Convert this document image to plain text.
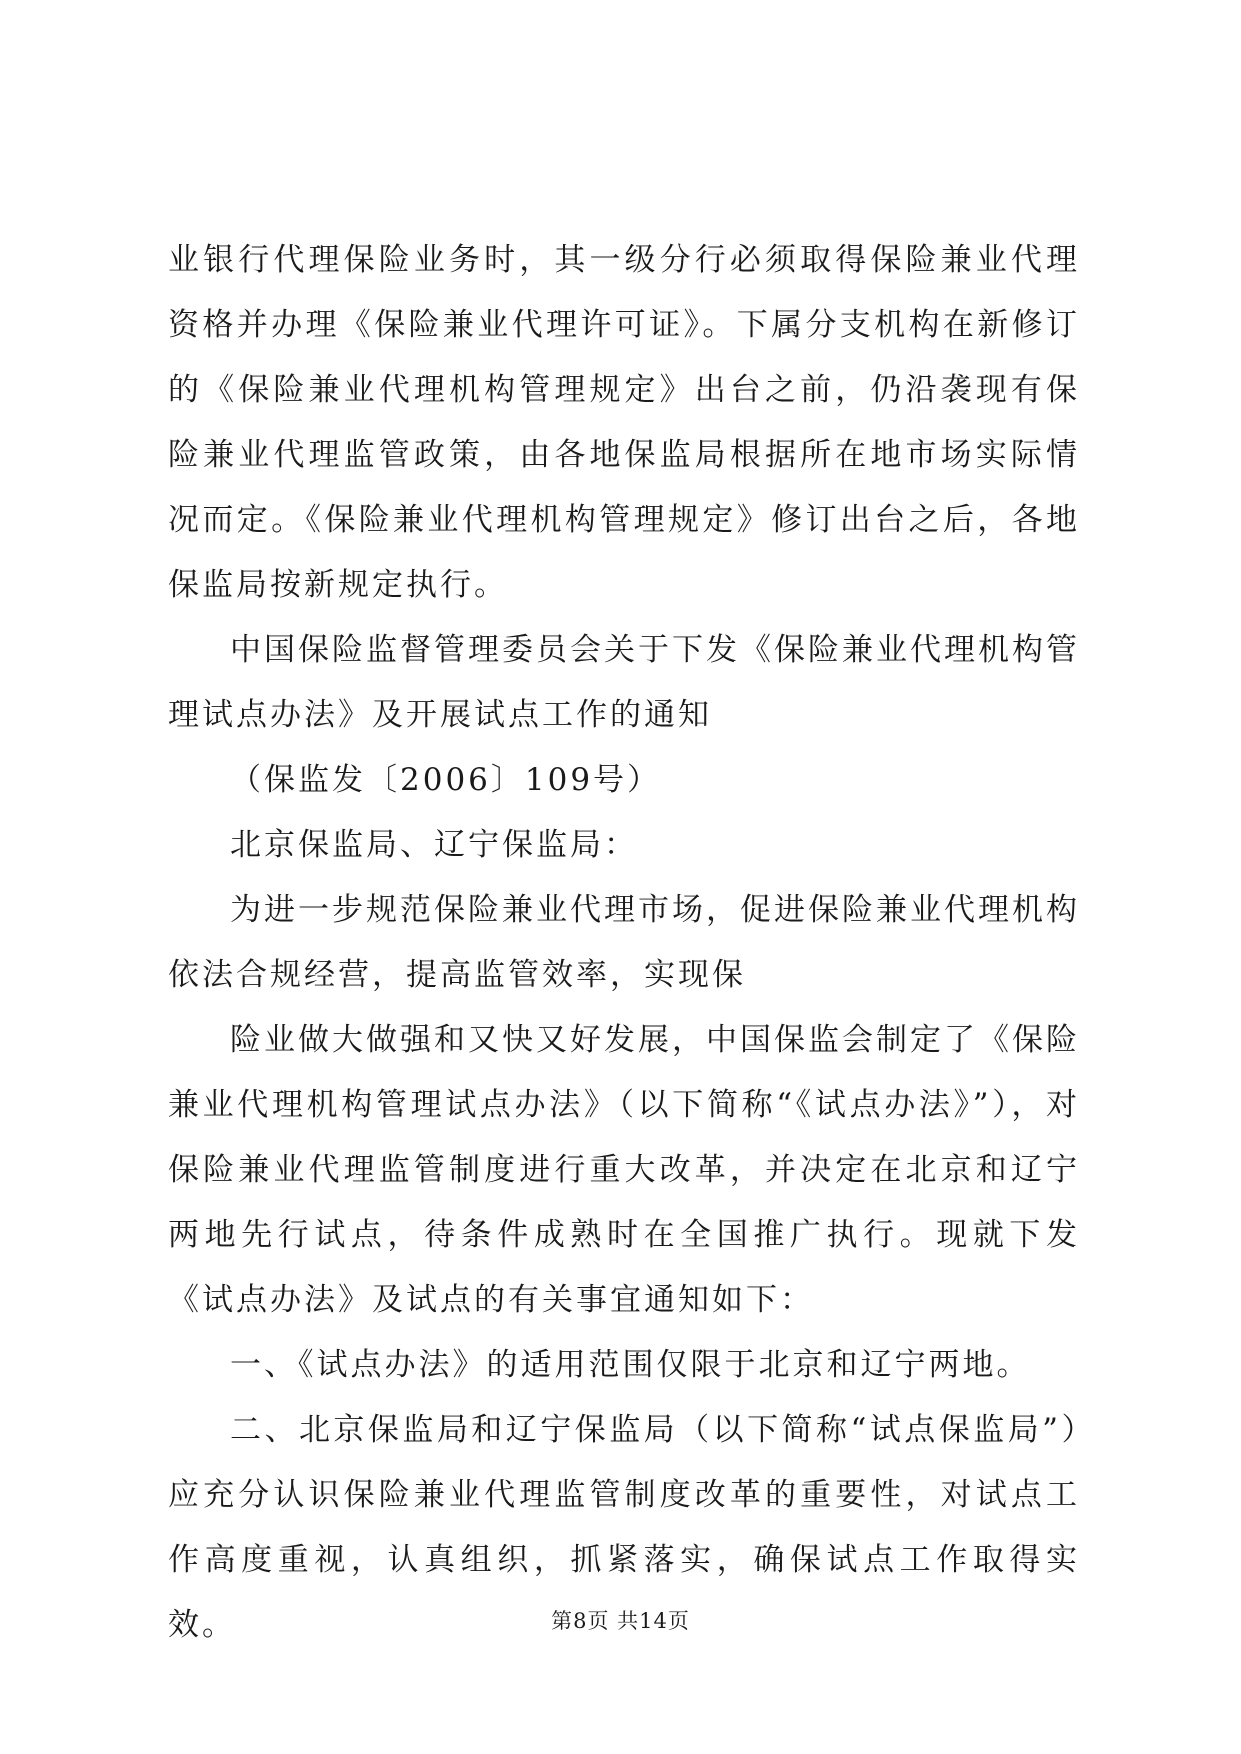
业银行代理保险业务时，其一级分行必须取得保险兼业代理资格并办理《保险兼业代理许可证》。下属分支机构在新修订的《保险兼业代理机构管理规定》出台之前，仍沿袭现有保险兼业代理监管政策，由各地保监局根据所在地市场实际情况而定。《保险兼业代理机构管理规定》修订出台之后，各地保监局按新规定执行。

中国保险监督管理委员会关于下发《保险兼业代理机构管理试点办法》及开展试点工作的通知

（保监发〔2006〕109号）

北京保监局、辽宁保监局：

为进一步规范保险兼业代理市场，促进保险兼业代理机构依法合规经营，提高监管效率，实现保

险业做大做强和又快又好发展，中国保监会制定了《保险兼业代理机构管理试点办法》（以下简称“《试点办法》”），对保险兼业代理监管制度进行重大改革，并决定在北京和辽宁两地先行试点，待条件成熟时在全国推广执行。现就下发《试点办法》及试点的有关事宜通知如下：

一、《试点办法》的适用范围仅限于北京和辽宁两地。

二、北京保监局和辽宁保监局（以下简称“试点保监局”）应充分认识保险兼业代理监管制度改革的重要性，对试点工作高度重视，认真组织，抓紧落实，确保试点工作取得实效。	第8页 共14页
